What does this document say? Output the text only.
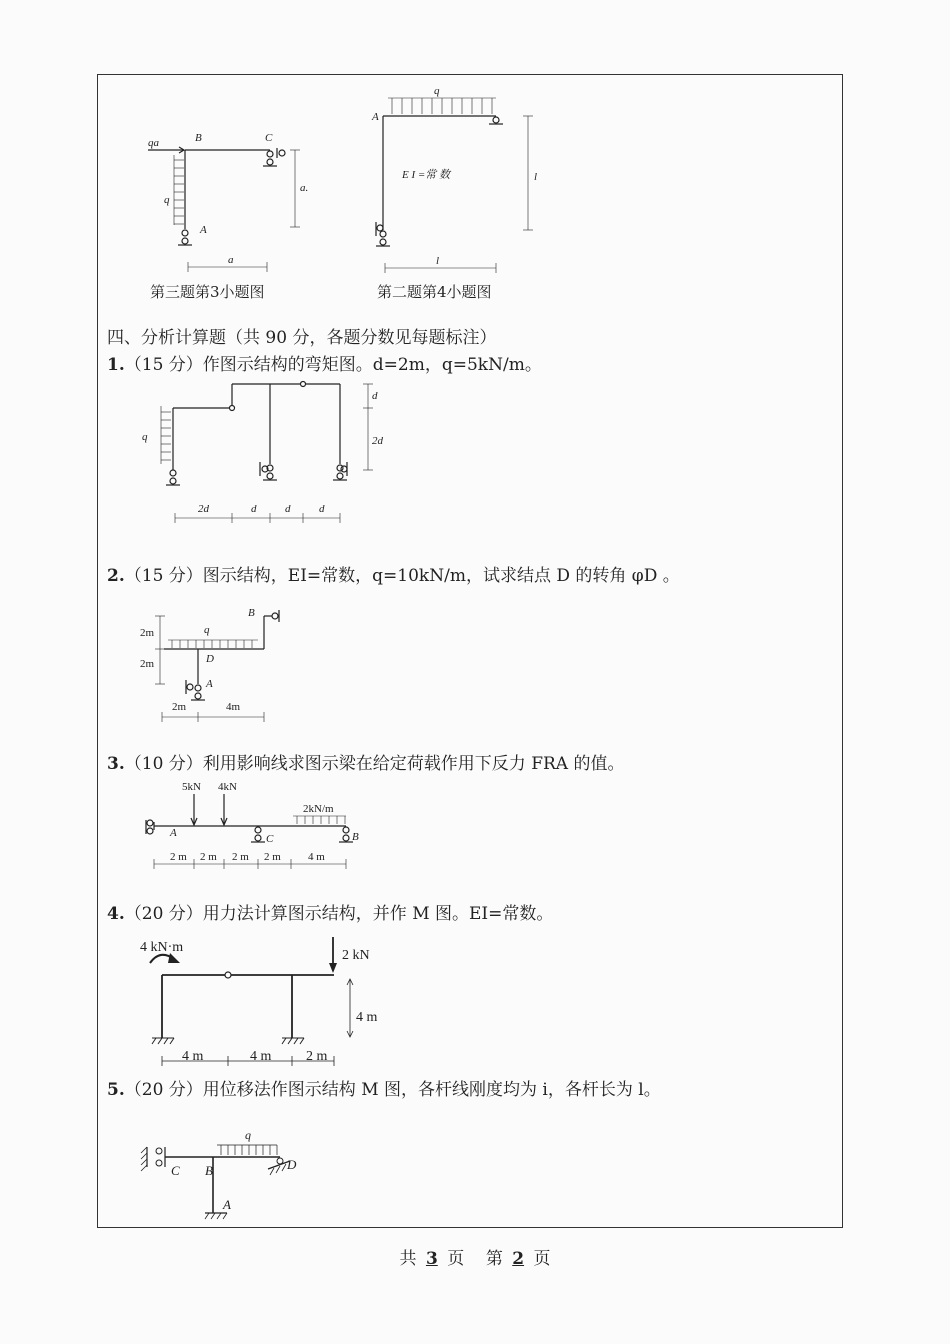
qa	B	C
q
A
a.
a
第三题第3小题图
q
A
E I =常 数	l
l
第二题第4小题图
四、分析计算题（共 90 分，各题分数见每题标注）
1.（15 分）作图示结构的弯矩图。d=2m，q=5kN/m。
q
d
2d
2d	d	d	d
2.（15 分）图示结构，EI=常数，q=10kN/m，试求结点 D 的转角 φD 。
q
B
D
A
2m
2m
2m	4m
3.（10 分）利用影响线求图示梁在给定荷载作用下反力 FRA 的值。
5kN 4kN
2kN/m
A	C	B
2 m 2 m 2 m 2 m 4 m
4.（20 分）用力法计算图示结构，并作 M 图。EI=常数。
4 kN·m
2 kN
4 m
4 m	4 m 2 m
5.（20 分）用位移法作图示结构 M 图，各杆线刚度均为 i，各杆长为 l。
q
C B	D
A
共 3 页 第 2 页
